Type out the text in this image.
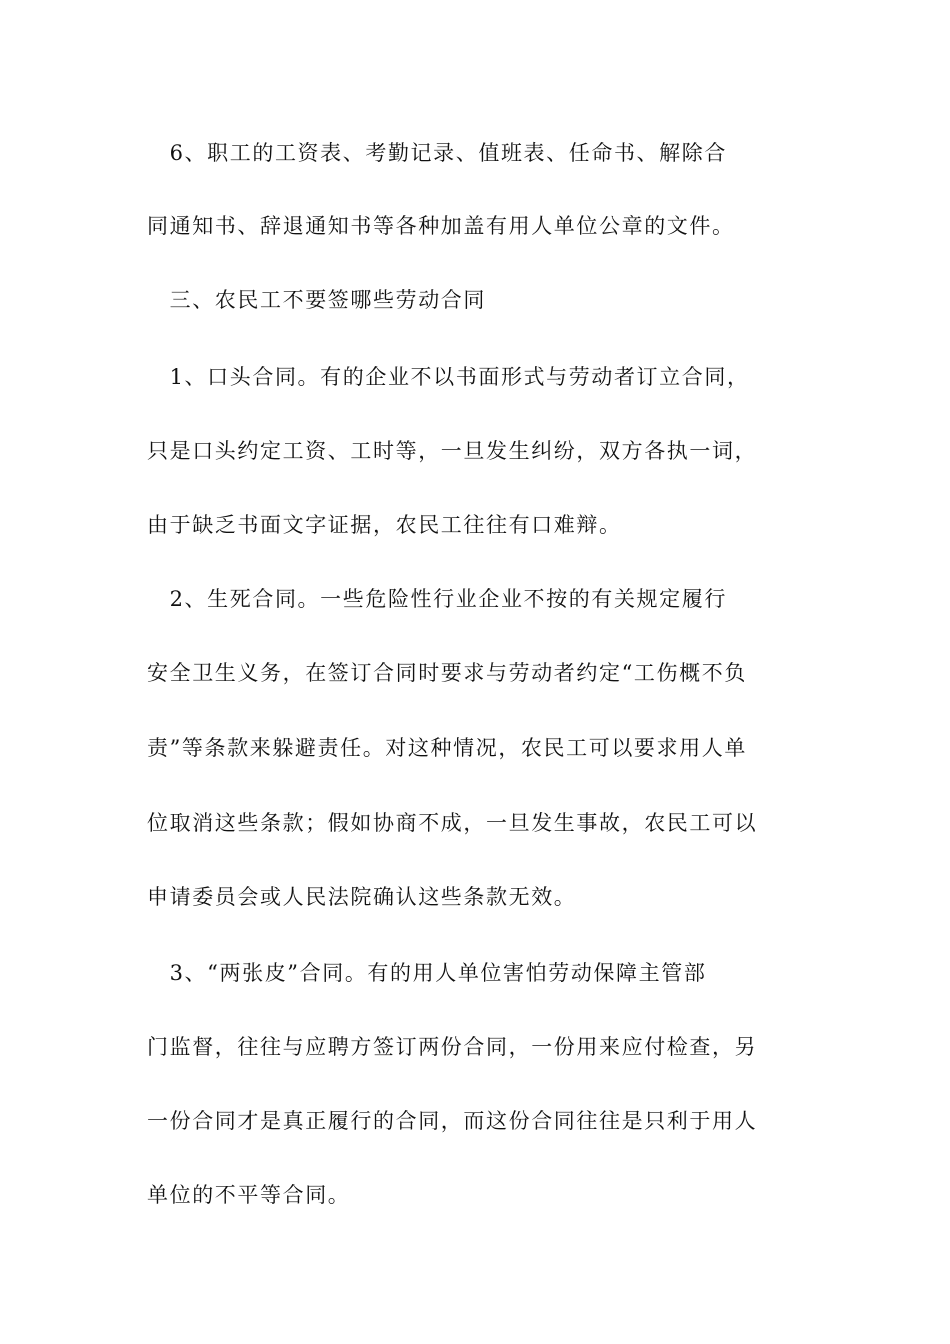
　6、职工的工资表、考勤记录、值班表、任命书、解除合
同通知书、辞退通知书等各种加盖有用人单位公章的文件。
　三、农民工不要签哪些劳动合同
　1、口头合同。有的企业不以书面形式与劳动者订立合同，
只是口头约定工资、工时等，一旦发生纠纷，双方各执一词，
由于缺乏书面文字证据，农民工往往有口难辩。
　2、生死合同。一些危险性行业企业不按的有关规定履行
安全卫生义务，在签订合同时要求与劳动者约定“工伤概不负
责”等条款来躲避责任。对这种情况，农民工可以要求用人单
位取消这些条款；假如协商不成，一旦发生事故，农民工可以
申请委员会或人民法院确认这些条款无效。
　3、“两张皮”合同。有的用人单位害怕劳动保障主管部
门监督，往往与应聘方签订两份合同，一份用来应付检查，另
一份合同才是真正履行的合同，而这份合同往往是只利于用人
单位的不平等合同。
